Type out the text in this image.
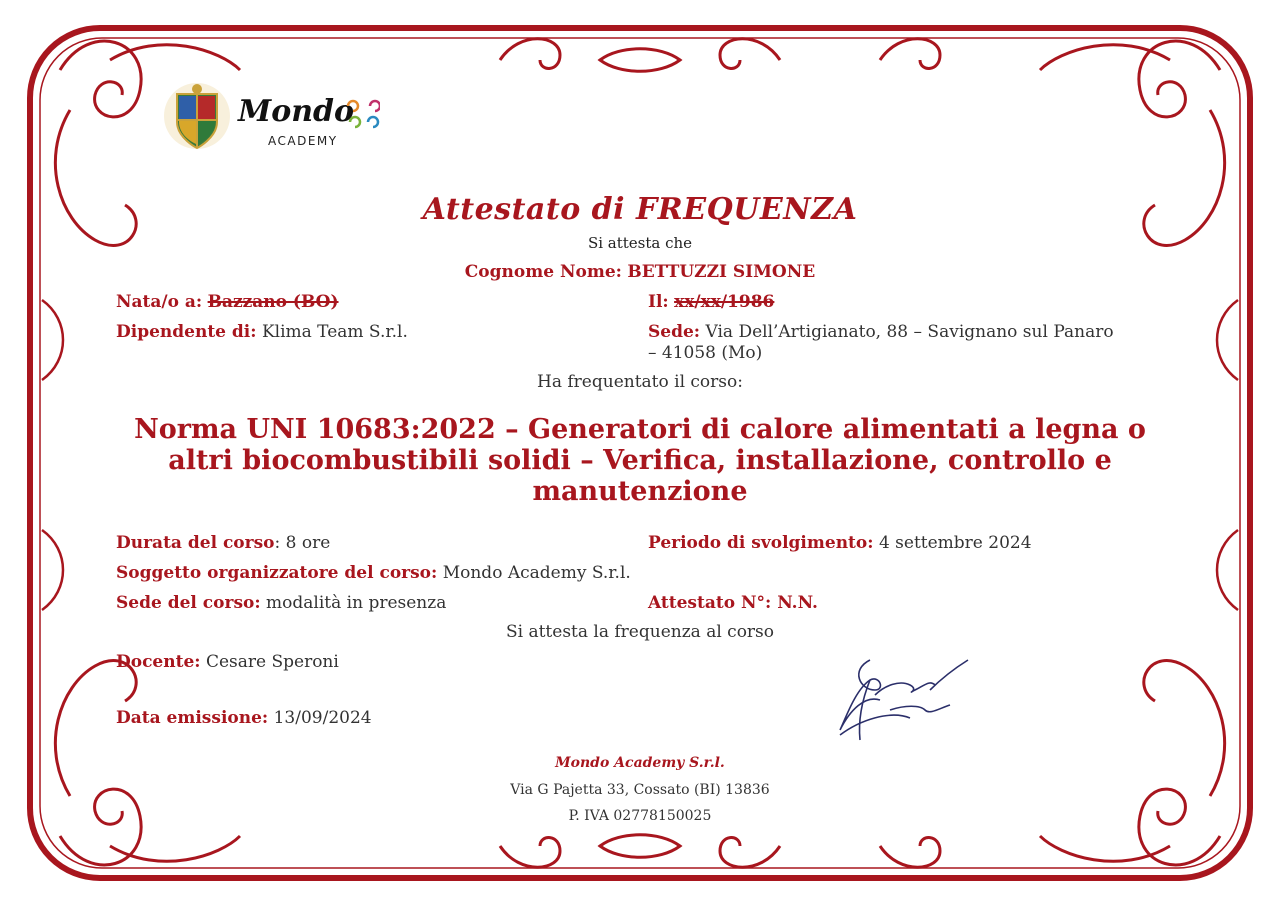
Mondo
ACADEMY
Attestato di FREQUENZA
Si attesta che
Cognome Nome: BETTUZZI SIMONE
Nata/o a: Bazzano (BO)	Il: xx/xx/1986
Dipendente di: Klima Team S.r.l.	Sede: Via Dell’Artigianato, 88 – Savignano sul Panaro
– 41058 (Mo)
Ha frequentato il corso:
Norma UNI 10683:2022 – Generatori di calore alimentati a legna o
altri biocombustibili solidi – Verifica, installazione, controllo e
manutenzione
Durata del corso: 8 ore	Periodo di svolgimento: 4 settembre 2024
Soggetto organizzatore del corso: Mondo Academy S.r.l.
Sede del corso: modalità in presenza	Attestato N°: N.N.
Si attesta la frequenza al corso
Docente: Cesare Speroni
Data emissione: 13/09/2024
Mondo Academy S.r.l.
Via G Pajetta 33, Cossato (BI) 13836
P. IVA 02778150025
